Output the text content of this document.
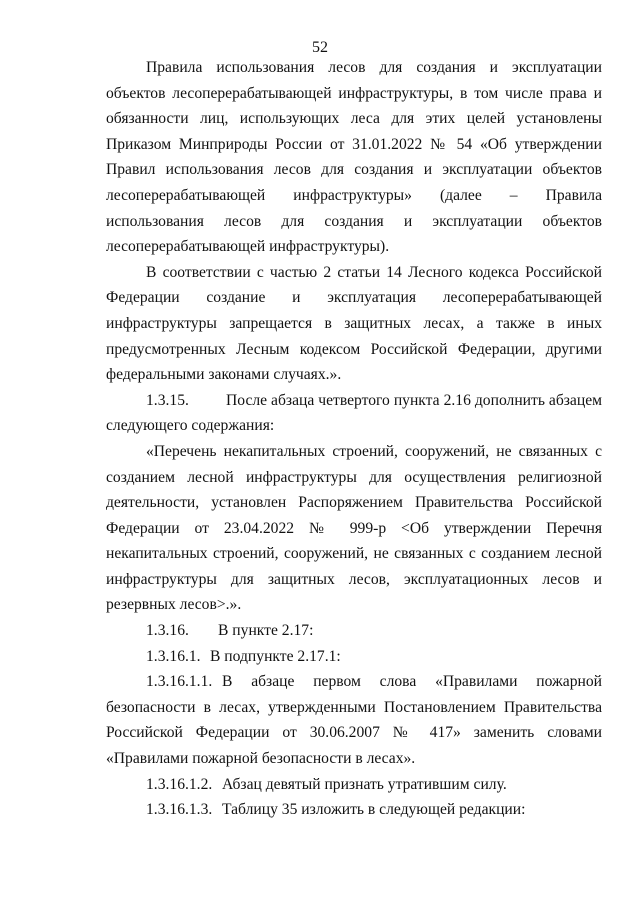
52

Правила использования лесов для создания и эксплуатации объектов лесоперерабатывающей инфраструктуры, в том числе права и обязанности лиц, использующих леса для этих целей установлены Приказом Минприроды России от 31.01.2022 № 54 «Об утверждении Правил использования лесов для создания и эксплуатации объектов лесоперерабатывающей инфраструктуры» (далее – Правила использования лесов для создания и эксплуатации объектов лесоперерабатывающей инфраструктуры).

В соответствии с частью 2 статьи 14 Лесного кодекса Российской Федерации создание и эксплуатация лесоперерабатывающей инфраструктуры запрещается в защитных лесах, а также в иных предусмотренных Лесным кодексом Российской Федерации, другими федеральными законами случаях.».

1.3.15. После абзаца четвертого пункта 2.16 дополнить абзацем следующего содержания:

«Перечень некапитальных строений, сооружений, не связанных с созданием лесной инфраструктуры для осуществления религиозной деятельности, установлен Распоряжением Правительства Российской Федерации от 23.04.2022 № 999-р <Об утверждении Перечня некапитальных строений, сооружений, не связанных с созданием лесной инфраструктуры для защитных лесов, эксплуатационных лесов и резервных лесов>.».

1.3.16. В пункте 2.17:

1.3.16.1. В подпункте 2.17.1:

1.3.16.1.1. В абзаце первом слова «Правилами пожарной безопасности в лесах, утвержденными Постановлением Правительства Российской Федерации от 30.06.2007 № 417» заменить словами «Правилами пожарной безопасности в лесах».

1.3.16.1.2. Абзац девятый признать утратившим силу.

1.3.16.1.3. Таблицу 35 изложить в следующей редакции:
